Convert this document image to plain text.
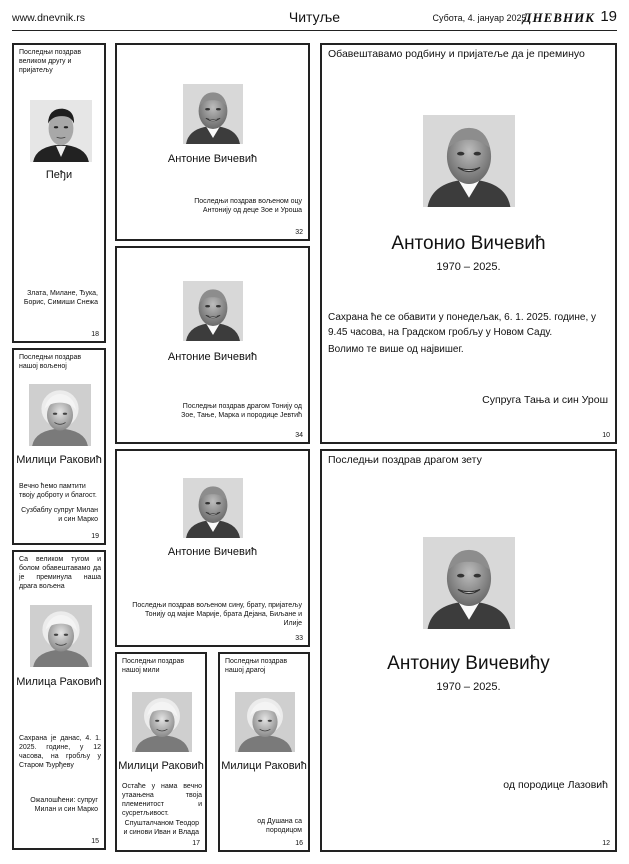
www.dnevnik.rs	Читуље	Субота, 4. јануар 2025.
ДНЕВНИК 19
Последњи поздрав великом другу и пријатељу
Пеђи
Злата, Милане, Ђука, Борис, Симиши Снежа
18
Последњи поздрав нашој вољеној
Милици Раковић
Вечно ћемо памтити твоју доброту и благост.
Сузбаблу супруг Милан и син Марко
19
Са великом тугом и болом обавештавамо да је преминула наша драга вољена
Милица Раковић
Сахрана је данас, 4. 1. 2025. године, у 12 часова, на гробљу у Старом Ђурђеву
Ожалошћени: супруг Милан и син Марко
15
Антоние Вичевић
Последњи поздрав вољеном оцу Антонију од деце Зое и Уроша
32
Антоние Вичевић
Последњи поздрав драгом Тонију од Зое, Тање, Марка и породице Јевтић
34
Антоние Вичевић
Последњи поздрав вољеном сину, брату, пријатељу Тонију од мајке Марије, брата Дејана, Биљане и Илије
33
Последњи поздрав нашој мили
Милици Раковић
Остаће у нама вечно утаањена твоја племенитост и сусретљивост.
Спушталчаном Теодор и синови Иван и Влада
17
Последњи поздрав нашој драгој
Милици Раковић
од Душана са породицом
16
Обавештавамо родбину и пријатеље да је преминуо
Антонио Вичевић
1970 – 2025.
Сахрана ће се обавити у понедељак, 6. 1. 2025. године, у 9.45 часова, на Градском гробљу у Новом Саду.
Волимо те више од највишег.
Супруга Тања и син Урош
10
Последњи поздрав драгом зету
Антониу Вичевићу
1970 – 2025.
од породице Лазовић
12
